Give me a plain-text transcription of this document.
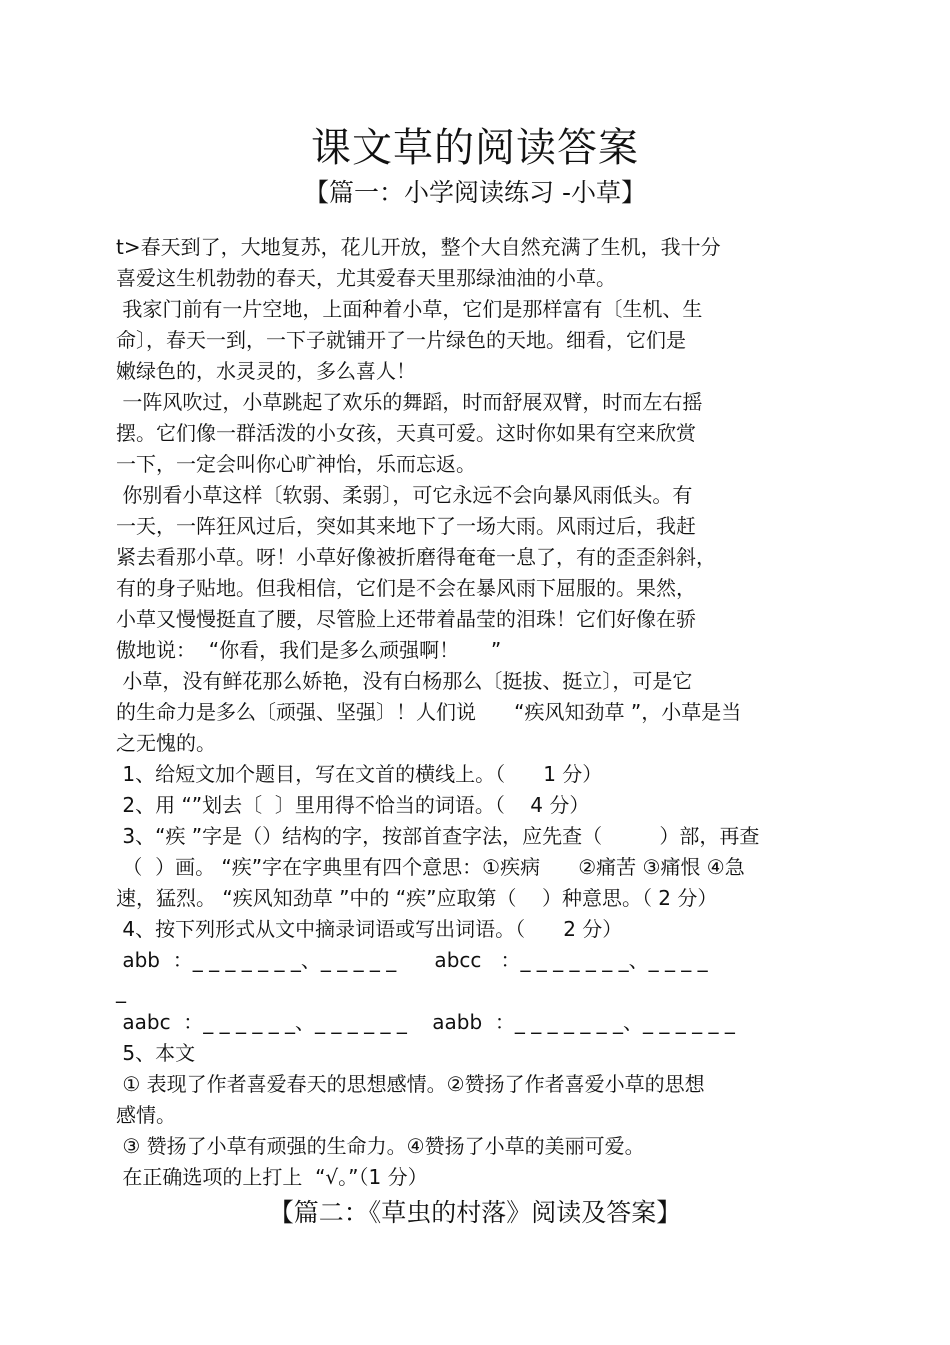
课文草的阅读答案
【篇一：小学阅读练习 -小草】
t>春天到了，大地复苏，花儿开放，整个大自然充满了生机，我十分
喜爱这生机勃勃的春天，尤其爱春天里那绿油油的小草。
我家门前有一片空地，上面种着小草，它们是那样富有〔生机、生
命〕，春天一到，一下子就铺开了一片绿色的天地。细看，它们是
嫩绿色的，水灵灵的，多么喜人！
一阵风吹过，小草跳起了欢乐的舞蹈，时而舒展双臂，时而左右摇
摆。它们像一群活泼的小女孩，天真可爱。这时你如果有空来欣赏
一下，一定会叫你心旷神怡，乐而忘返。
你别看小草这样〔软弱、柔弱〕，可它永远不会向暴风雨低头。有
一天，一阵狂风过后，突如其来地下了一场大雨。风雨过后，我赶
紧去看那小草。呀！小草好像被折磨得奄奄一息了，有的歪歪斜斜，
有的身子贴地。但我相信，它们是不会在暴风雨下屈服的。果然，
小草又慢慢挺直了腰，尽管脸上还带着晶莹的泪珠！它们好像在骄
傲地说：  “你看，我们是多么顽强啊！     ”
小草，没有鲜花那么娇艳，没有白杨那么〔挺拔、挺立〕，可是它
的生命力是多么〔顽强、坚强〕！人们说      “疾风知劲草 ”，小草是当
之无愧的。
1、给短文加个题目，写在文首的横线上。（      1 分）
2、用 “”划去〔  〕里用得不恰当的词语。（    4 分）
3、“疾 ”字是（）结构的字，按部首查字法，应先查（         ）部，再查
（  ）画。 “疾”字在字典里有四个意思：①疾病      ②痛苦 ③痛恨 ④急
速，猛烈。 “疾风知劲草 ”中的 “疾”应取第（    ）种意思。（ 2 分）
4、按下列形式从文中摘录词语或写出词语。（      2 分）
abb  ：_ _ _ _ _ _ _、_ _ _ _ _      abcc   ：_ _ _ _ _ _ _、_ _ _ _
_
aabc  ：_ _ _ _ _ _、_ _ _ _ _ _    aabb  ：_ _ _ _ _ _ _、_ _ _ _ _ _
5、本文
① 表现了作者喜爱春天的思想感情。②赞扬了作者喜爱小草的思想
感情。
③ 赞扬了小草有顽强的生命力。④赞扬了小草的美丽可爱。
在正确选项的上打上  “√。”（1 分）
【篇二：《草虫的村落》阅读及答案】
